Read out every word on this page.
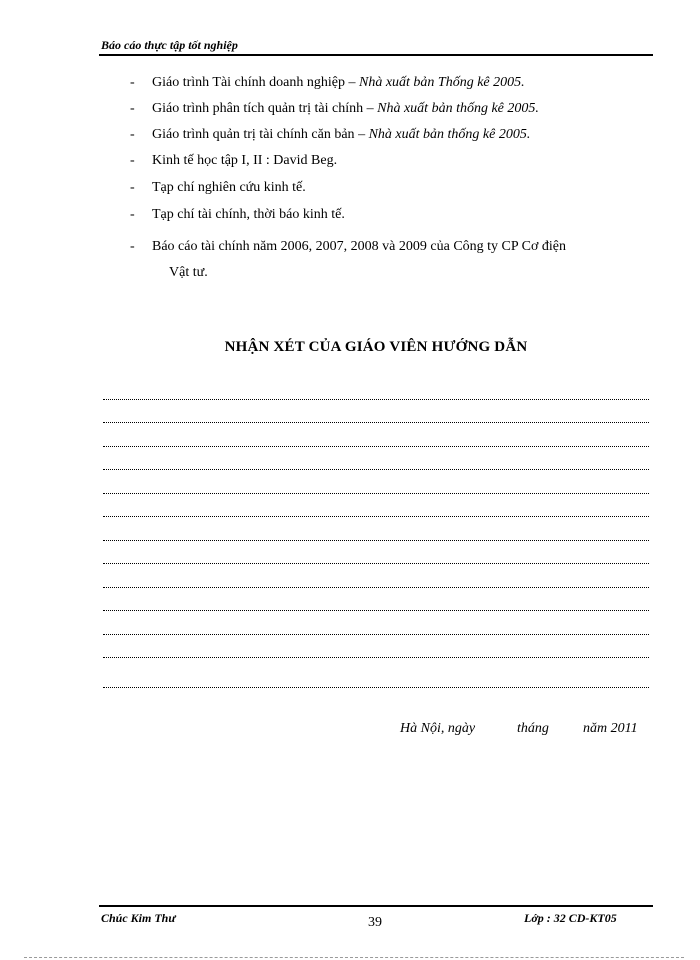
Báo cáo thực tập tốt nghiệp
- Giáo trình Tài chính doanh nghiệp – Nhà xuất bản Thống kê 2005.
- Giáo trình phân tích quản trị tài chính – Nhà xuất bản thống kê 2005.
- Giáo trình quản trị tài chính căn bản – Nhà xuất bản thống kê 2005.
- Kinh tế học tập I, II : David Beg.
- Tạp chí nghiên cứu kinh tế.
- Tạp chí tài chính, thời báo kinh tế.
- Báo cáo tài chính năm 2006, 2007, 2008 và 2009 của Công ty CP Cơ điện
Vật tư.
NHẬN XÉT CỦA GIÁO VIÊN HƯỚNG DẪN
Hà Nội, ngày	tháng năm 2011
Chúc Kim Thư	39	Lớp : 32 CD-KT05
